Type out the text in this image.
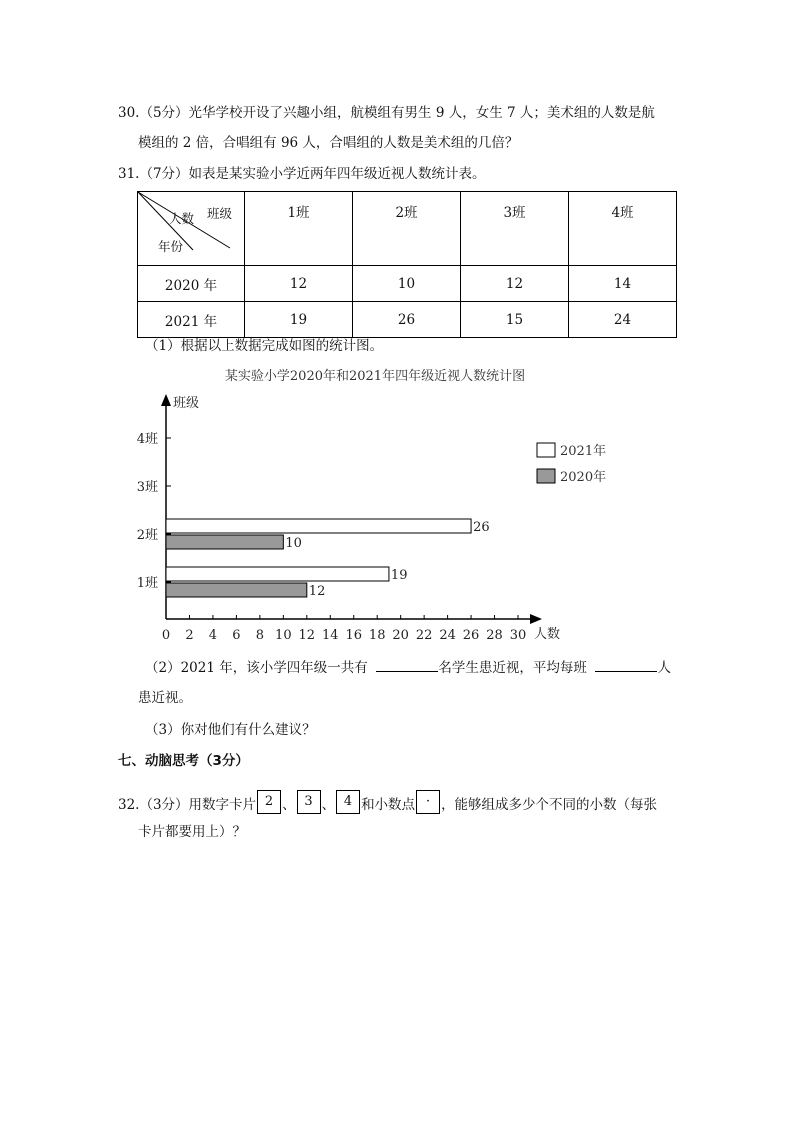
30.（5分）光华学校开设了兴趣小组，航模组有男生 9 人，女生 7 人；美术组的人数是航
模组的 2 倍，合唱组有 96 人，合唱组的人数是美术组的几倍？
31.（7分）如表是某实验小学近两年四年级近视人数统计表。
班级
人数
年份	1班	2班	3班	4班
2020 年	12	10	12	14
2021 年	19	26	15	24
（1）根据以上数据完成如图的统计图。
某实验小学2020年和2021年四年级近视人数统计图
班级
人数
0 2 4 6 8 10 12 14 16 18 20 22 24 26 28 30
1班
2班
3班
4班
19
26
12
10
2021年
2020年
（2）2021 年，该小学四年级一共有	名学生患近视，平均每班	人
患近视。
（3）你对他们有什么建议？
七、动脑思考（3分）
32.（3分）用数字卡片 2 、 3 、 4 和小数点 · ，能够组成多少个不同的小数（每张
卡片都要用上）？
